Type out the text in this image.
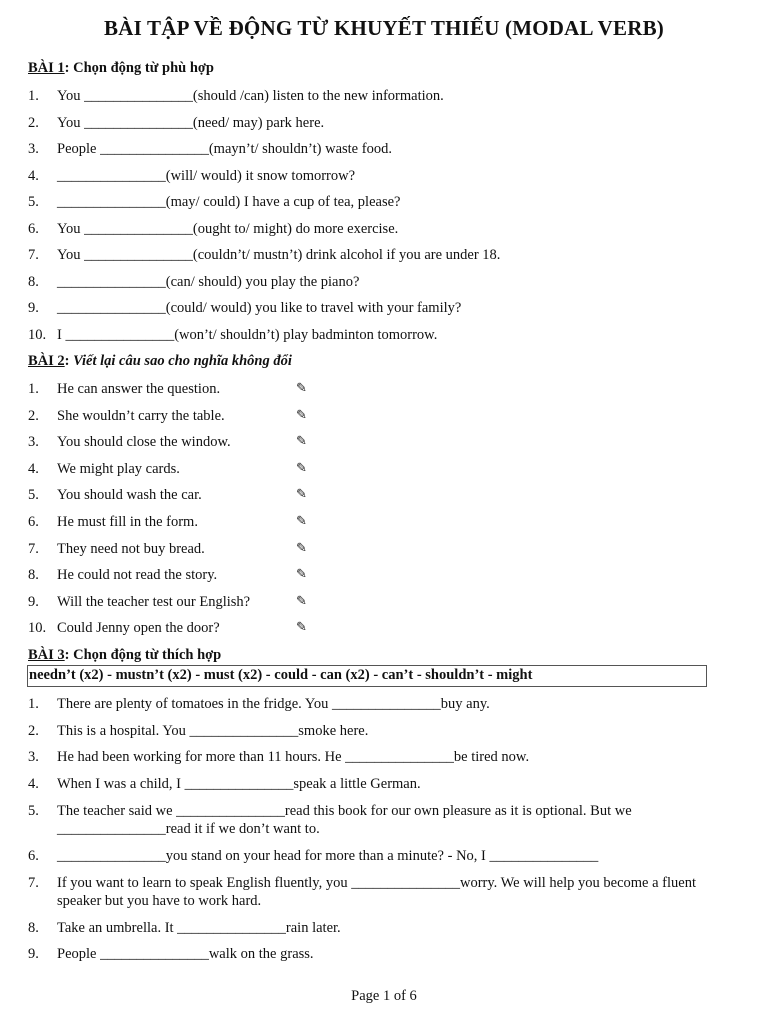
BÀI TẬP VỀ ĐỘNG TỪ KHUYẾT THIẾU (MODAL VERB)
BÀI 1: Chọn động từ phù hợp
1. You _______________(should /can) listen to the new information.
2. You _______________(need/ may) park here.
3. People _______________(mayn’t/ shouldn’t) waste food.
4. _______________(will/ would) it snow tomorrow?
5. _______________(may/ could) I have a cup of tea, please?
6. You _______________(ought to/ might) do more exercise.
7. You _______________(couldn’t/ mustn’t) drink alcohol if you are under 18.
8. _______________(can/ should) you play the piano?
9. _______________(could/ would) you like to travel with your family?
10. I _______________(won’t/ shouldn’t) play badminton tomorrow.
BÀI 2: Viết lại câu sao cho nghĩa không đổi
1. He can answer the question.
2. She wouldn’t carry the table.
3. You should close the window.
4. We might play cards.
5. You should wash the car.
6. He must fill in the form.
7. They need not buy bread.
8. He could not read the story.
9. Will the teacher test our English?
10. Could Jenny open the door?
✎
✎
✎
✎
✎
✎
✎
✎
✎
✎
BÀI 3: Chọn động từ thích hợp
needn’t (x2) - mustn’t (x2) - must (x2) - could - can (x2) - can’t - shouldn’t - might
1. There are plenty of tomatoes in the fridge. You _______________buy any.
2. This is a hospital. You _______________smoke here.
3. He had been working for more than 11 hours. He _______________be tired now.
4. When I was a child, I _______________speak a little German.
5.	The teacher said we _______________read this book for our own pleasure as it is optional. But we _______________read it if we don’t want to.
6. _______________you stand on your head for more than a minute? - No, I _______________
7.	If you want to learn to speak English fluently, you _______________worry. We will help you become a fluent speaker but you have to work hard.
8. Take an umbrella. It _______________rain later.
9. People _______________walk on the grass.
Page 1 of 6
